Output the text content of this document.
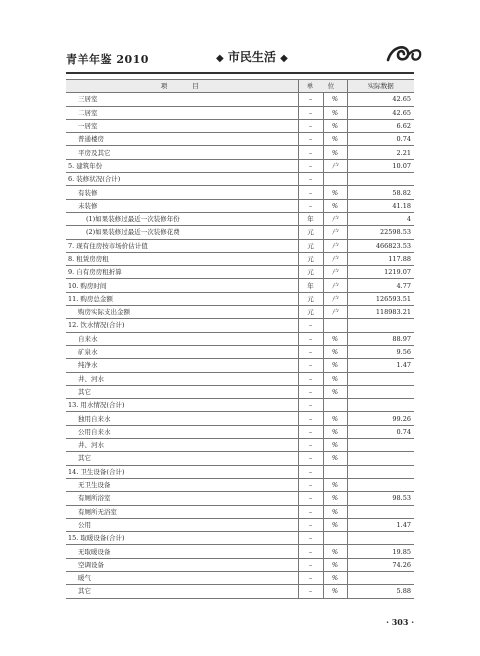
青羊年鉴 2010	◆ 市民生活 ◆
项　　目	单　位		实际数据
三居室	–	%	42.65
二居室	–	%	42.65
一居室	–	%	6.62
普通楼房	–	%	0.74
平房及其它	–	%	2.21
5. 建筑年份	–	户	10.07
6. 装修状况(合计)	–		
有装修	–	%	58.82
未装修	–	%	41.18
(1)如果装修过最近一次装修年份	年	户	4
(2)如果装修过最近一次装修花费	元	户	22598.53
7. 现有住房按市场价估计值	元	户	466823.53
8. 租赁房房租	元	户	117.88
9. 自有房房租折算	元	户	1219.07
10. 购房时间	年	户	4.77
11. 购房总金额	元	户	126593.51
购房实际支出金额	元	户	118983.21
12. 饮水情况(合计)	–		
自来水	–	%	88.97
矿泉水	–	%	9.56
纯净水	–	%	1.47
井、河水	–	%	
其它	–	%	
13. 用水情况(合计)	–		
独用自来水	–	%	99.26
公用自来水	–	%	0.74
井、河水	–	%	
其它	–	%	
14. 卫生设备(合计)	–		
无卫生设备	–	%	
有厕所浴室	–	%	98.53
有厕所无浴室	–	%	
公用	–	%	1.47
15. 取暖设备(合计)	–		
无取暖设备	–	%	19.85
空调设备	–	%	74.26
暖气	–	%	
其它	–	%	5.88
· 303 ·
